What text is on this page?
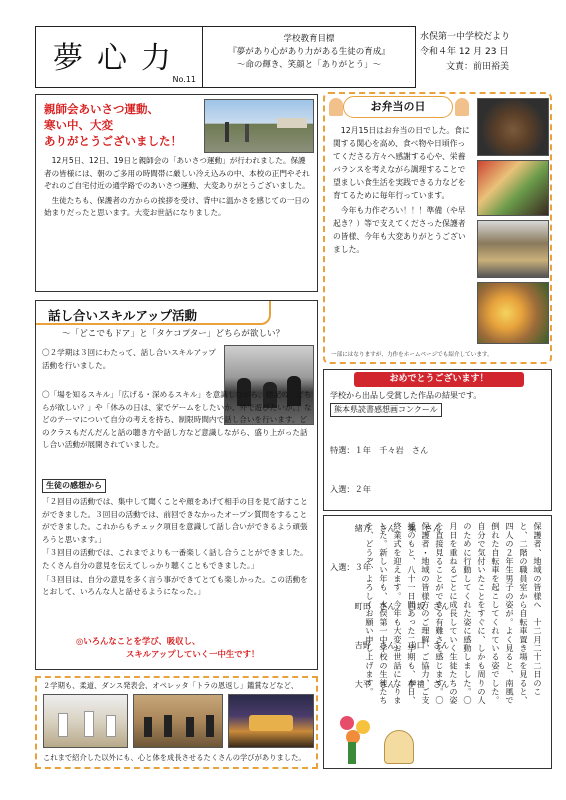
夢心力
No.11
学校教育目標
『夢があり心があり力がある生徒の育成』
～命の輝き、笑顔と「ありがとう」～
水俣第一中学校だより
令和４年 12 月 23 日
文責：前田裕美
親師会あいさつ運動、
寒い中、大変
ありがとうございました！
　12月5日、12日、19日と親師会の「あいさつ運動」が行われました。保護者の皆様には、朝のご多用の時間帯に厳しい冷え込みの中、本校の正門やそれぞれのご自宅付近の通学路でのあいさつ運動、大変ありがとうございました。
　生徒たちも、保護者の方からの挨拶を受け、背中に温かさを感じての一日の始まりだったと思います。大変お世話になりました。
お弁当の日
　12月15日はお弁当の日でした。食に関する関心を高め、食べ物や日頃作ってくださる方々へ感謝する心や、栄養バランスを考えながら調理することで望ましい食生活を実践できる力などを育てるために毎年行っています。
　今年も力作ぞろい！！！準備（や早起き？）等で支えてくださった保護者の皆様、今年も大変ありがとうございました。
一部にはなりますが、力作をホームページでも紹介しています。
話し合いスキルアップ活動
～「どこでもドア」と「タケコプター」どちらが欲しい？
〇２学期は３回にわたって、話し合いスキルアップ活動を行いました。
〇「場を知るスキル」「広げる・深めるスキル」を意識しながら、標記の「どちらが欲しい？」や「休みの日は、家でゲームをしたいか、外で遊びたいか。」などのテーマについて自分の考えを持ち、制限時間内で話し合いを行います。どのクラスもだんだんと話の聴き方や話し方など意識しながら、盛り上がった話し合い活動が展開されていました。
生徒の感想から
「２回目の活動では、集中して聞くことや顔をあげて相手の目を見て話すことができました。３回目の活動では、前回できなかったオープン質問をすることができました。これからもチェック項目を意識して話し合いができるよう頑張ろうと思います。」
「３回目の活動では、これまでよりも一番楽しく話し合うことができました。たくさん自分の意見を伝えてしっかり聴くこともできました。」
「３回目は、自分の意見を多く言う事ができてとても楽しかった。この活動をとおして、いろんな人と話せるようになった。」
◎いろんなことを学び、吸収し、
スキルアップしていく一中生です！
２学期も、柔道、ダンス発表会、オペレッタ「トラの恩返し」鑑賞などなど、
これまで紹介した以外にも、心と体を成長させるたくさんの学びがありました。
おめでとうございます！
学校から出品し受賞した作品の結果です。
熊本県読書感想画コンクール

特選：１年　千々岩　さん

入選：２年

　　　緒方　さん、　集　さん

入選：３年

　　　町田　さん、　白坂　さん

　　　吉野　さん、　山口　さん

　　　大平　さん、　伊禮　さん

	保護者、地域の皆様へ　十二月二十二日のこと、二階の職員室から自転車置き場を見ると、四人の２年生男子の姿が。よく見ると、南風で倒れた自転車を起こしてくれている姿でした。自分で気付いたことをすぐに、しかも周りの人のために行動してくれた姿に感動しました。〇月日を重ねるごとに成長していく生徒たちの姿を直接見ることができる有難さを感じます。〇保護者・地域の皆様方のご理解、ご協力、ご支援のもと、八十一日間あった二学期も、本日、終業式を迎えます。今年も大変お世話になりました。新しい年も、水俣第一中学校の生徒たちを、どうぞ、よろしくお願い申し上げます。
